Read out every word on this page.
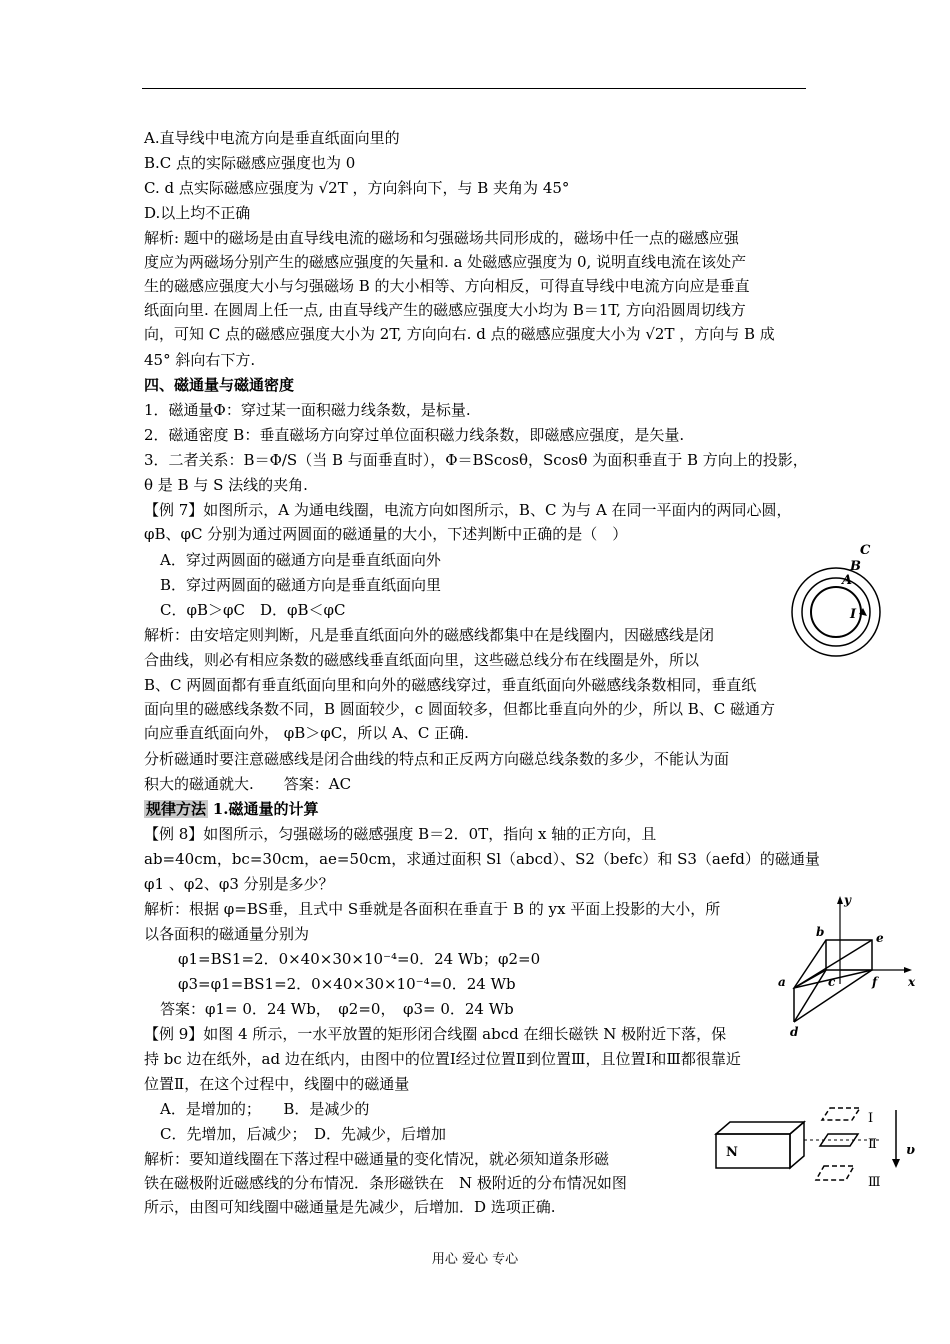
A.直导线中电流方向是垂直纸面向里的
B.C 点的实际磁感应强度也为 0
C. d 点实际磁感应强度为 √2T ，方向斜向下，与 B 夹角为 45°
D.以上均不正确
解析: 题中的磁场是由直导线电流的磁场和匀强磁场共同形成的，磁场中任一点的磁感应强
度应为两磁场分别产生的磁感应强度的矢量和. a 处磁感应强度为 0, 说明直线电流在该处产
生的磁感应强度大小与匀强磁场 B 的大小相等、方向相反，可得直导线中电流方向应是垂直
纸面向里. 在圆周上任一点, 由直导线产生的磁感应强度大小均为 B＝1T, 方向沿圆周切线方
向，可知 C 点的磁感应强度大小为 2T, 方向向右. d 点的磁感应强度大小为 √2T ，方向与 B 成
45° 斜向右下方.
四、磁通量与磁通密度
1．磁通量Φ：穿过某一面积磁力线条数，是标量.
2．磁通密度 B：垂直磁场方向穿过单位面积磁力线条数，即磁感应强度，是矢量.
3．二者关系：B＝Φ/S（当 B 与面垂直时），Φ＝BScosθ，Scosθ 为面积垂直于 B 方向上的投影，
θ 是 B 与 S 法线的夹角.
【例 7】如图所示，A 为通电线圈，电流方向如图所示，B、C 为与 A 在同一平面内的两同心圆，
φB、φC 分别为通过两圆面的磁通量的大小，下述判断中正确的是（　）
A．穿过两圆面的磁通方向是垂直纸面向外
B．穿过两圆面的磁通方向是垂直纸面向里
C．φB＞φC　D．φB＜φC
解析：由安培定则判断，凡是垂直纸面向外的磁感线都集中在是线圈内，因磁感线是闭
合曲线，则必有相应条数的磁感线垂直纸面向里，这些磁总线分布在线圈是外，所以
B、C 两圆面都有垂直纸面向里和向外的磁感线穿过，垂直纸面向外磁感线条数相同，垂直纸
面向里的磁感线条数不同，B 圆面较少，c 圆面较多，但都比垂直向外的少，所以 B、C 磁通方
向应垂直纸面向外， φB＞φC，所以 A、C 正确.
分析磁通时要注意磁感线是闭合曲线的特点和正反两方向磁总线条数的多少，不能认为面
积大的磁通就大.　　答案：AC
规律方法 1.磁通量的计算
【例 8】如图所示，匀强磁场的磁感强度 B＝2．0T，指向 x 轴的正方向，且
ab=40cm，bc=30cm，ae=50cm，求通过面积 Sl（abcd）、S2（befc）和 S3（aefd）的磁通量
φ1 、φ2、φ3 分别是多少？
解析：根据 φ=BS垂，且式中 S垂就是各面积在垂直于 B 的 yx 平面上投影的大小，所
以各面积的磁通量分别为
φ1=BS1=2．0×40×30×10⁻⁴=0．24 Wb；φ2=0
φ3=φ1=BS1=2．0×40×30×10⁻⁴=0．24 Wb
答案：φ1= 0．24 Wb，　φ2=0，　φ3= 0．24 Wb
【例 9】如图 4 所示，一水平放置的矩形闭合线圈 abcd 在细长磁铁 N 极附近下落，保
持 bc 边在纸外，ad 边在纸内，由图中的位置Ⅰ经过位置Ⅱ到位置Ⅲ，且位置Ⅰ和Ⅲ都很靠近
位置Ⅱ，在这个过程中，线圈中的磁通量
A．是增加的；　　B．是减少的
C．先增加，后减少；　D．先减少，后增加
解析：要知道线圈在下落过程中磁通量的变化情况，就必须知道条形磁
铁在磁极附近磁感线的分布情况．条形磁铁在　N 极附近的分布情况如图
所示，由图可知线圈中磁通量是先减少，后增加．D 选项正确.
C
B
A
I
y
x
b	e
a	c	f
d
N
Ⅰ
Ⅱ
Ⅲ
υ
用心 爱心 专心
